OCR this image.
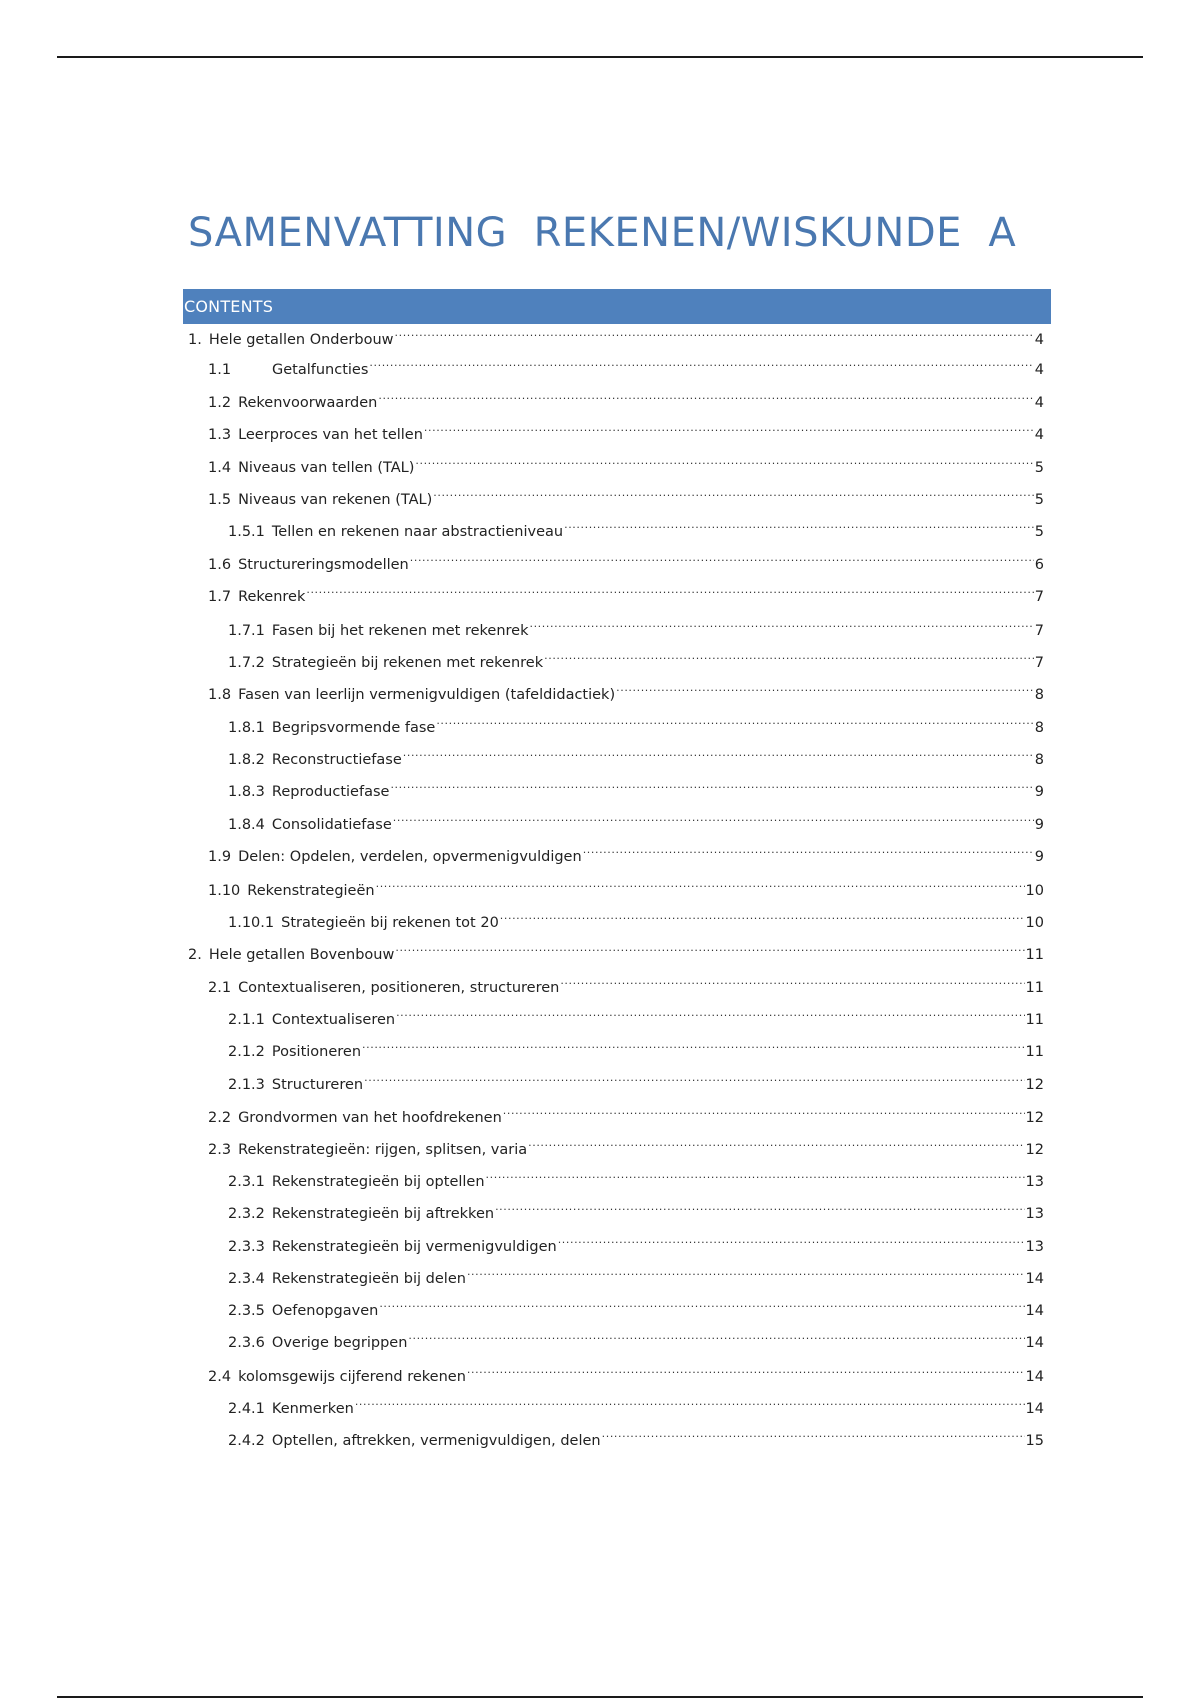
SAMENVATTING  REKENEN/WISKUNDE  A
CONTENTS
1. Hele getallen Onderbouw .....	4
1.1	Getalfuncties .....	4
1.2 Rekenvoorwaarden .....	4
1.3 Leerproces van het tellen .....	4
1.4 Niveaus van tellen (TAL) .....	5
1.5 Niveaus van rekenen (TAL) .....	5
1.5.1 Tellen en rekenen naar abstractieniveau .....	5
1.6 Structureringsmodellen .....	6
1.7 Rekenrek .....	7
1.7.1 Fasen bij het rekenen met rekenrek .....	7
1.7.2 Strategieën bij rekenen met rekenrek .....	7
1.8 Fasen van leerlijn vermenigvuldigen (tafeldidactiek) .....	8
1.8.1 Begripsvormende fase .....	8
1.8.2 Reconstructiefase .....	8
1.8.3 Reproductiefase .....	9
1.8.4 Consolidatiefase .....	9
1.9 Delen: Opdelen, verdelen, opvermenigvuldigen .....	9
1.10 Rekenstrategieën .....	10
1.10.1 Strategieën bij rekenen tot 20 .....	10
2. Hele getallen Bovenbouw .....	11
2.1 Contextualiseren, positioneren, structureren .....	11
2.1.1 Contextualiseren .....	11
2.1.2 Positioneren .....	11
2.1.3 Structureren .....	12
2.2 Grondvormen van het hoofdrekenen .....	12
2.3 Rekenstrategieën: rijgen, splitsen, varia .....	12
2.3.1 Rekenstrategieën bij optellen .....	13
2.3.2 Rekenstrategieën bij aftrekken .....	13
2.3.3 Rekenstrategieën bij vermenigvuldigen .....	13
2.3.4 Rekenstrategieën bij delen .....	14
2.3.5 Oefenopgaven .....	14
2.3.6 Overige begrippen .....	14
2.4 kolomsgewijs cijferend rekenen .....	14
2.4.1 Kenmerken .....	14
2.4.2 Optellen, aftrekken, vermenigvuldigen, delen .....	15
